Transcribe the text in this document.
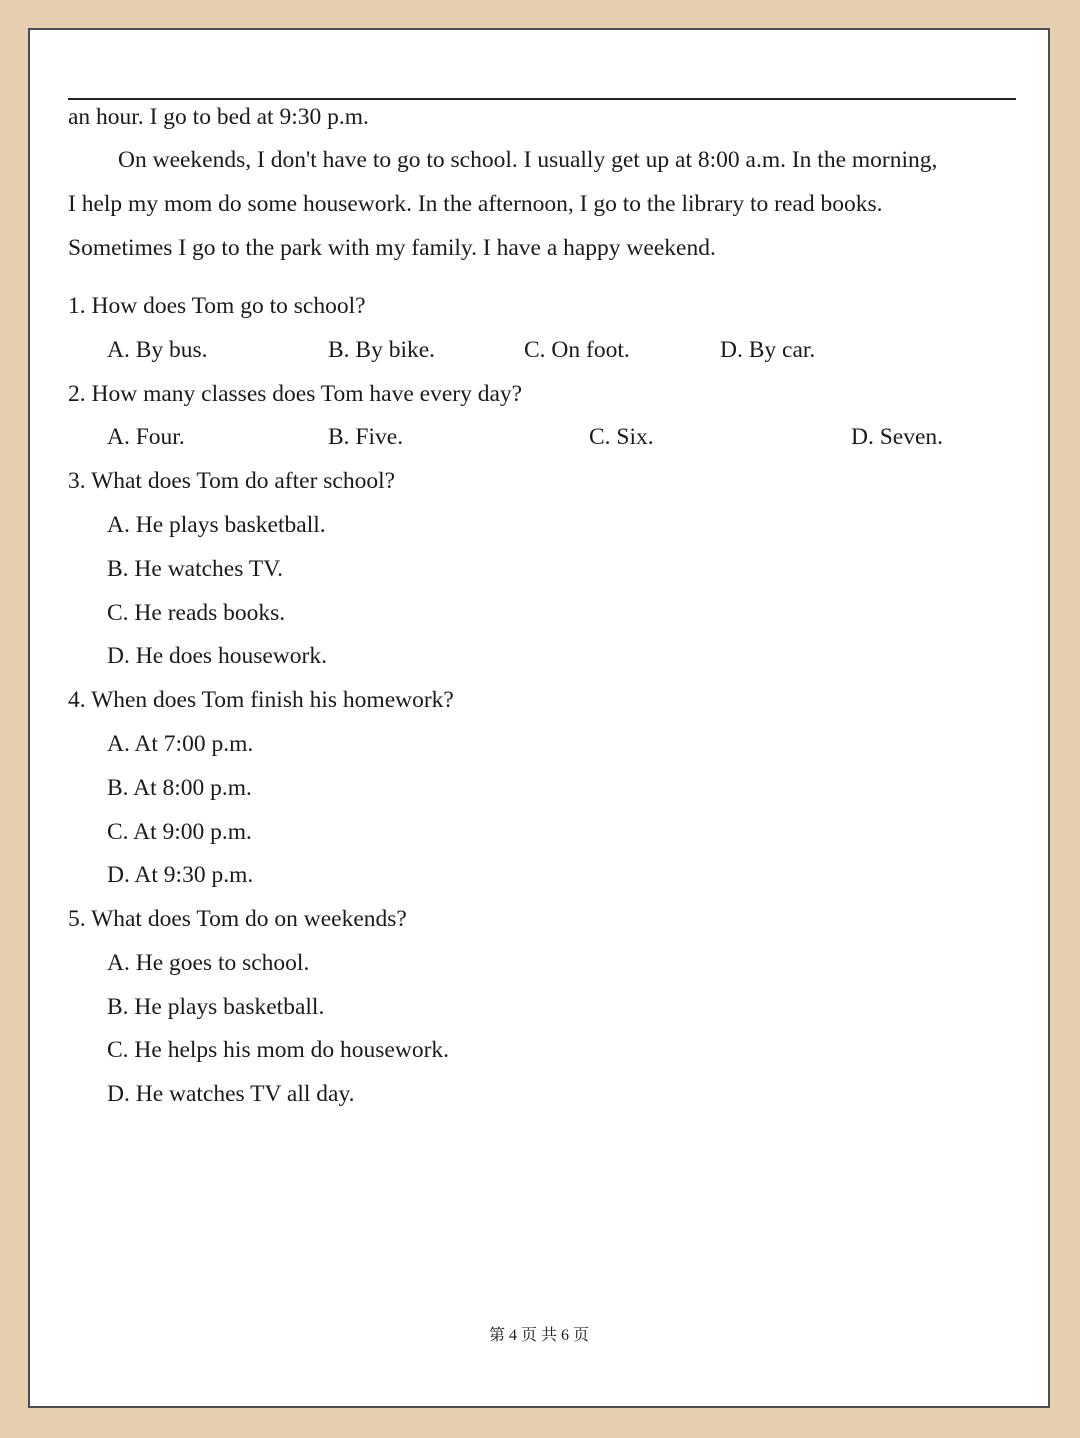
an hour. I go to bed at 9:30 p.m.
On weekends, I don't have to go to school. I usually get up at 8:00 a.m. In the morning,
I help my mom do some housework. In the afternoon, I go to the library to read books.
Sometimes I go to the park with my family. I have a happy weekend.
1. How does Tom go to school?
A. By bus.	B. By bike.	C. On foot.	D. By car.
2. How many classes does Tom have every day?
A. Four.	B. Five.	C. Six.	D. Seven.
3. What does Tom do after school?
A. He plays basketball.
B. He watches TV.
C. He reads books.
D. He does housework.
4. When does Tom finish his homework?
A. At 7:00 p.m.
B. At 8:00 p.m.
C. At 9:00 p.m.
D. At 9:30 p.m.
5. What does Tom do on weekends?
A. He goes to school.
B. He plays basketball.
C. He helps his mom do housework.
D. He watches TV all day.
第 4 页 共 6 页
